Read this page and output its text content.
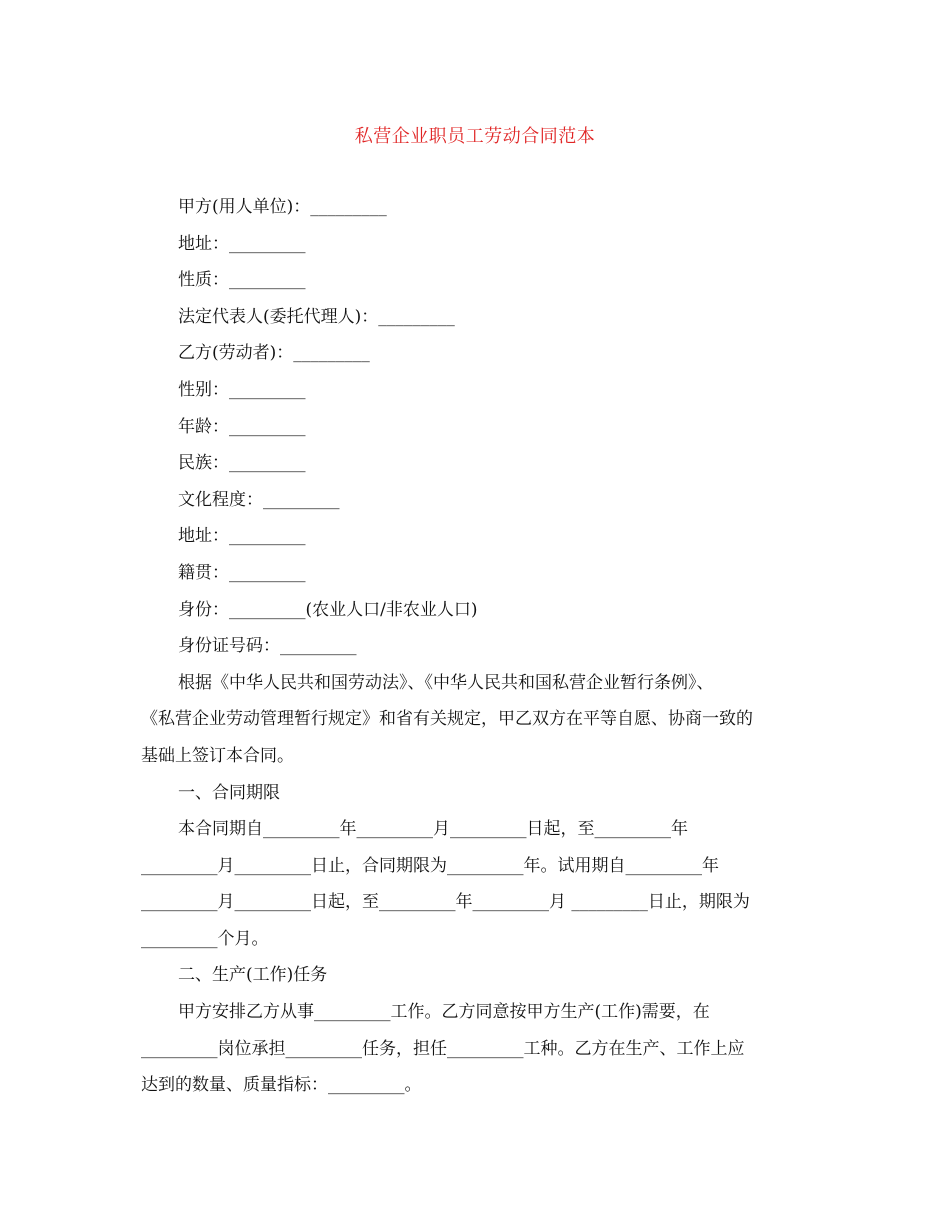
私营企业职员工劳动合同范本
甲方(用人单位)：_________
地址：_________
性质：_________
法定代表人(委托代理人)：_________
乙方(劳动者)：_________
性别：_________
年龄：_________
民族：_________
文化程度：_________
地址：_________
籍贯：_________
身份：_________(农业人口/非农业人口)
身份证号码：_________
根据《中华人民共和国劳动法》、《中华人民共和国私营企业暂行条例》、
《私营企业劳动管理暂行规定》和省有关规定，甲乙双方在平等自愿、协商一致的
基础上签订本合同。
一、合同期限
本合同期自_________年_________月_________日起，至_________年
_________月_________日止，合同期限为_________年。试用期自_________年
_________月_________日起，至_________年_________月 _________日止，期限为
_________个月。
二、生产(工作)任务
甲方安排乙方从事_________工作。乙方同意按甲方生产(工作)需要，在
_________岗位承担_________任务，担任_________工种。乙方在生产、工作上应
达到的数量、质量指标：_________。
